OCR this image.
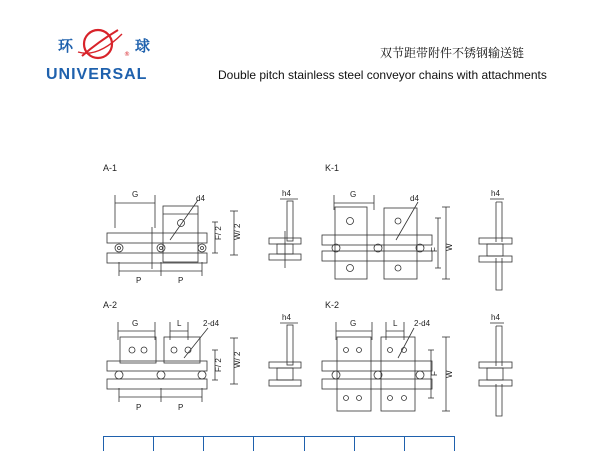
环	球
®
UNIVERSAL
双节距带附件不锈钢输送链
Double pitch stainless steel conveyor chains with attachments
A-1
G	d4
F/ 2 W/ 2
P	P
h4
K-1
G	d4
F W
h4
A-2
G	L	2-d4
F/ 2 W/ 2
P	P
h4
K-2
G	L 2-d4
F W
h4
